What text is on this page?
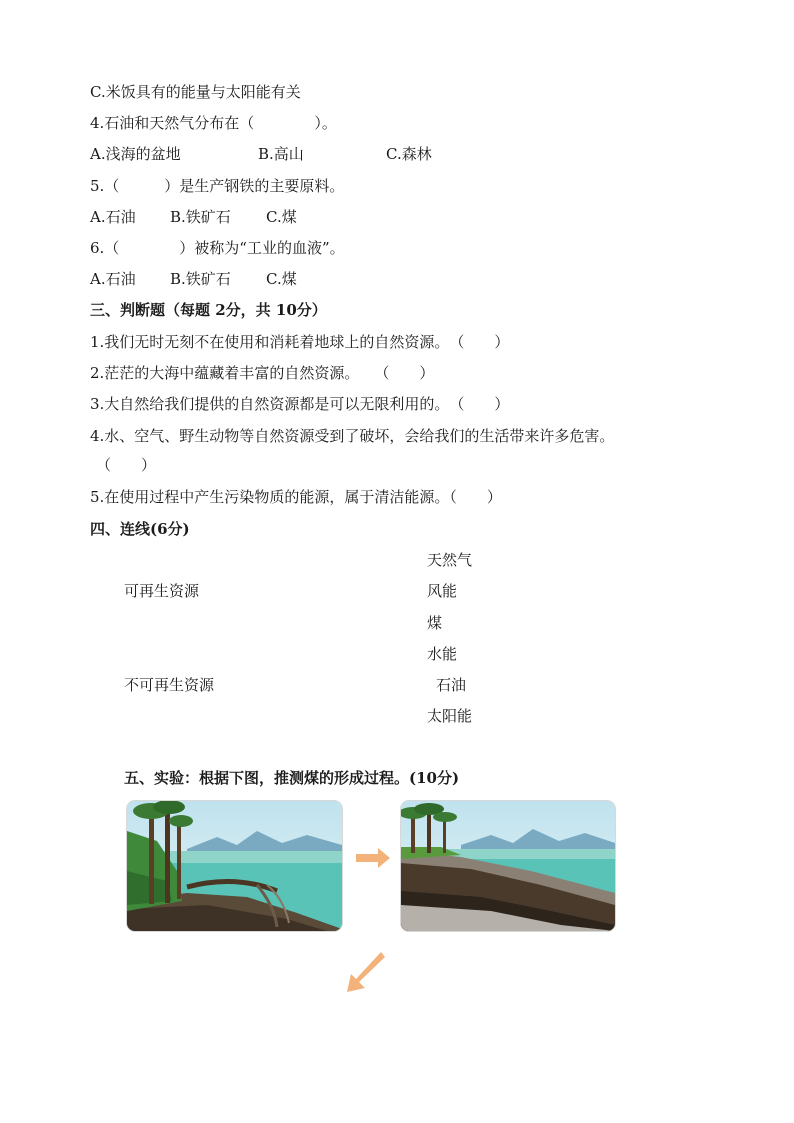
C.米饭具有的能量与太阳能有关
4.石油和天然气分布在（　　　　）。
A.浅海的盆地	B.高山	C.森林
5.（　　　）是生产钢铁的主要原料。
A.石油 B.铁矿石 C.煤
6.（　　　　）被称为“工业的血液”。
A.石油 B.铁矿石 C.煤
三、判断题（每题 2分，共 10分）
1.我们无时无刻不在使用和消耗着地球上的自然资源。　（　　）
2.茫茫的大海中蕴藏着丰富的自然资源。　　（　　）
3.大自然给我们提供的自然资源都是可以无限利用的。　（　　）
4.水、空气、野生动物等自然资源受到了破坏，会给我们的生活带来许多危害。
（　　）
5.在使用过程中产生污染物质的能源，属于清洁能源。（　　）
四、连线(6分)
可再生资源
不可再生资源
天然气
风能
煤
水能
石油
太阳能
五、实验：根据下图，推测煤的形成过程。(10分)
